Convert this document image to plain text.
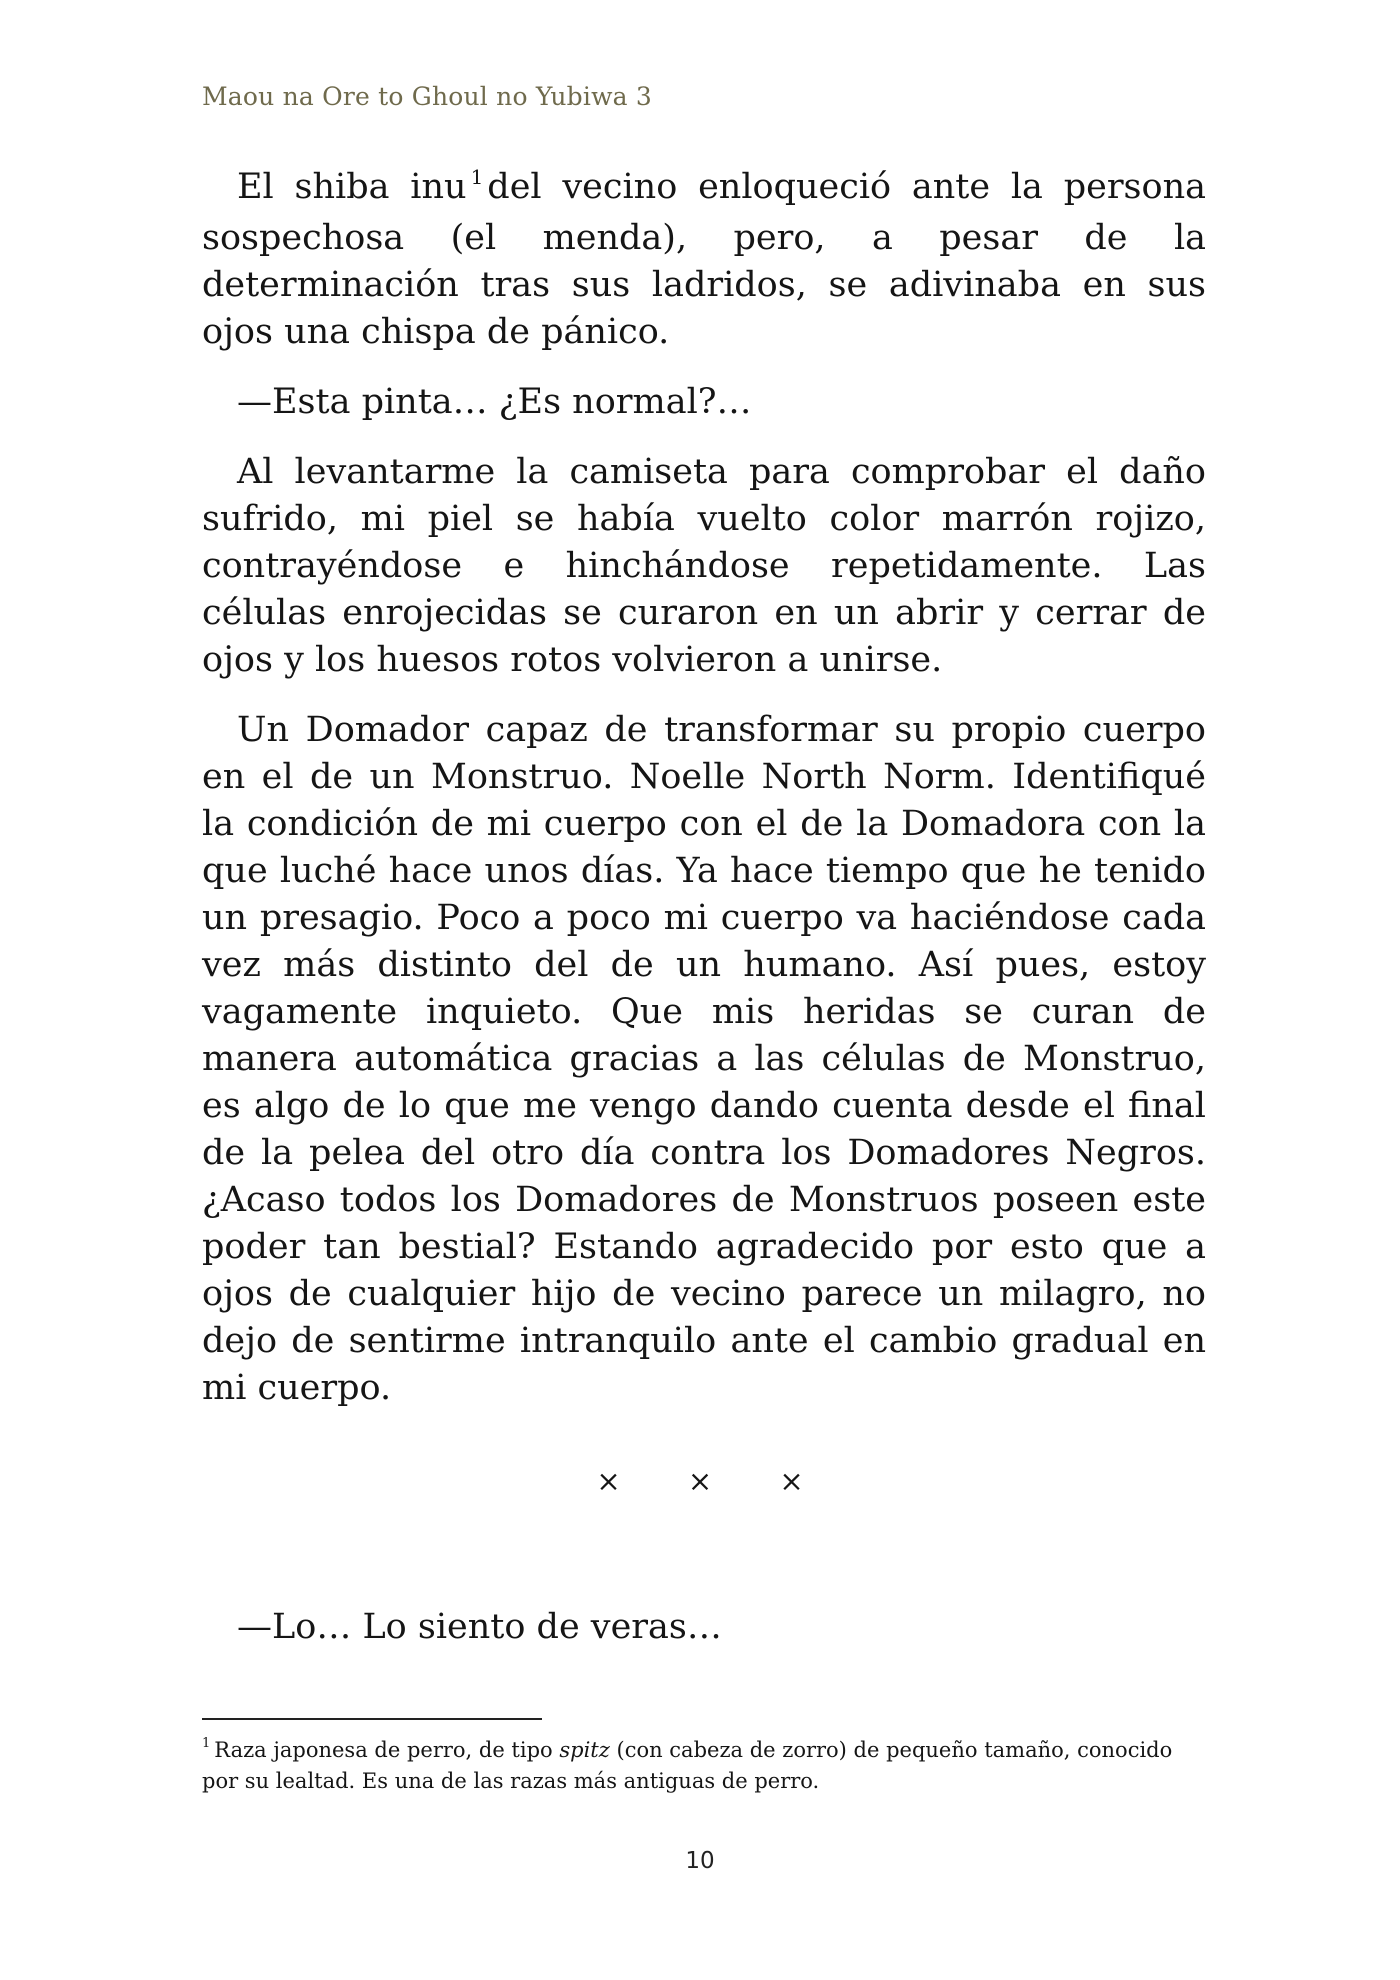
Maou na Ore to Ghoul no Yubiwa 3

El shiba inu $^1$ del vecino enloqueció ante la persona sospechosa (el menda), pero, a pesar de la determinación tras sus ladridos, se adivinaba en sus ojos una chispa de pánico.

—Esta pinta… ¿Es normal?…

Al levantarme la camiseta para comprobar el daño sufrido, mi piel se había vuelto color marrón rojizo, contrayéndose e hinchándose repetidamente. Las células enrojecidas se curaron en un abrir y cerrar de ojos y los huesos rotos volvieron a unirse.

Un Domador capaz de transformar su propio cuerpo en el de un Monstruo. Noelle North Norm. Identifiqué la condición de mi cuerpo con el de la Domadora con la que luché hace unos días. Ya hace tiempo que he tenido un presagio. Poco a poco mi cuerpo va haciéndose cada vez más distinto del de un humano. Así pues, estoy vagamente inquieto. Que mis heridas se curan de manera automática gracias a las células de Monstruo, es algo de lo que me vengo dando cuenta desde el final de la pelea del otro día contra los Domadores Negros. ¿Acaso todos los Domadores de Monstruos poseen este poder tan bestial? Estando agradecido por esto que a ojos de cualquier hijo de vecino parece un milagro, no dejo de sentirme intranquilo ante el cambio gradual en mi cuerpo.

× × ×
—Lo… Lo siento de veras…
$^1$ Raza japonesa de perro, de tipo spitz (con cabeza de zorro) de pequeño tamaño, conocido por su lealtad. Es una de las razas más antiguas de perro.
10
